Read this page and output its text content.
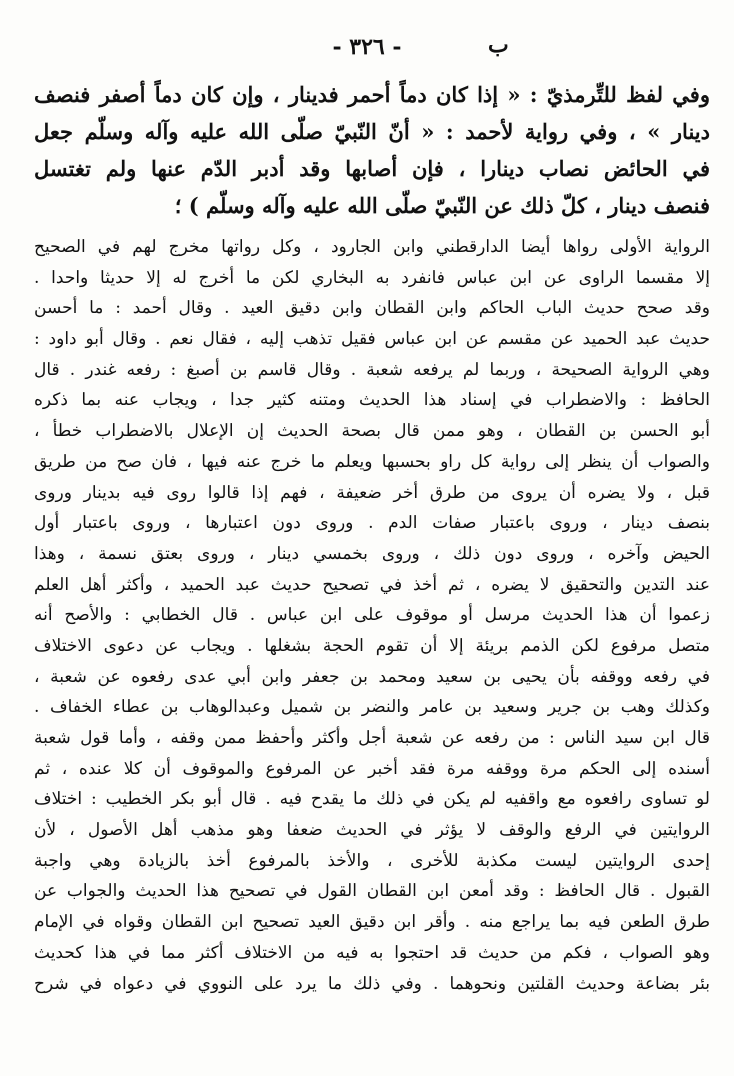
- ٣٢٦ -	ب
وفي لفظ للتِّرمذيّ : « إذا كان دماً أحمر فدينار ، وإن كان دماً أصفر فنصف
دينار » ، وفي رواية لأحمد : « أنّ النّبيّ صلّى الله عليه وآله وسلّم جعل
في الحائض نصاب دينارا ، فإن أصابها وقد أدبر الدّم عنها ولم تغتسل
فنصف دينار ، كلّ ذلك عن النّبيّ صلّى الله عليه وآله وسلّم ) ؛
الرواية الأولى رواها أيضا الدارقطني وابن الجارود ، وكل رواتها مخرج لهم في الصحيح
إلا مقسما الراوى عن ابن عباس فانفرد به البخاري لكن ما أخرج له إلا حديثا واحدا .
وقد صحح حديث الباب الحاكم وابن القطان وابن دقيق العيد . وقال أحمد : ما أحسن
حديث عبد الحميد عن مقسم عن ابن عباس فقيل تذهب إليه ، فقال نعم . وقال أبو داود :
وهي الرواية الصحيحة ، وربما لم يرفعه شعبة . وقال قاسم بن أصبغ : رفعه غندر . قال
الحافظ : والاضطراب في إسناد هذا الحديث ومتنه كثير جدا ، ويجاب عنه بما ذكره
أبو الحسن بن القطان ، وهو ممن قال بصحة الحديث إن الإعلال بالاضطراب خطأ ،
والصواب أن ينظر إلى رواية كل راو بحسبها ويعلم ما خرج عنه فيها ، فان صح من طريق
قبل ، ولا يضره أن يروى من طرق أخر ضعيفة ، فهم إذا قالوا روى فيه بدينار وروى
بنصف دينار ، وروى باعتبار صفات الدم . وروى دون اعتبارها ، وروى باعتبار أول
الحيض وآخره ، وروى دون ذلك ، وروى بخمسي دينار ، وروى بعتق نسمة ، وهذا
عند التدين والتحقيق لا يضره ، ثم أخذ في تصحيح حديث عبد الحميد ، وأكثر أهل العلم
زعموا أن هذا الحديث مرسل أو موقوف على ابن عباس . قال الخطابي : والأصح أنه
متصل مرفوع لكن الذمم بريئة إلا أن تقوم الحجة بشغلها . ويجاب عن دعوى الاختلاف
في رفعه ووقفه بأن يحيى بن سعيد ومحمد بن جعفر وابن أبي عدى رفعوه عن شعبة ،
وكذلك وهب بن جرير وسعيد بن عامر والنضر بن شميل وعبدالوهاب بن عطاء الخفاف .
قال ابن سيد الناس : من رفعه عن شعبة أجل وأكثر وأحفظ ممن وقفه ، وأما قول شعبة
أسنده إلى الحكم مرة ووقفه مرة فقد أخبر عن المرفوع والموقوف أن كلا عنده ، ثم
لو تساوى رافعوه مع واقفيه لم يكن في ذلك ما يقدح فيه . قال أبو بكر الخطيب : اختلاف
الروايتين في الرفع والوقف لا يؤثر في الحديث ضعفا وهو مذهب أهل الأصول ، لأن
إحدى الروايتين ليست مكذبة للأخرى ، والأخذ بالمرفوع أخذ بالزيادة وهي واجبة
القبول . قال الحافظ : وقد أمعن ابن القطان القول في تصحيح هذا الحديث والجواب عن
طرق الطعن فيه بما يراجع منه . وأقر ابن دقيق العيد تصحيح ابن القطان وقواه في الإمام
وهو الصواب ، فكم من حديث قد احتجوا به فيه من الاختلاف أكثر مما في هذا كحديث
بئر بضاعة وحديث القلتين ونحوهما . وفي ذلك ما يرد على النووي في دعواه في شرح
